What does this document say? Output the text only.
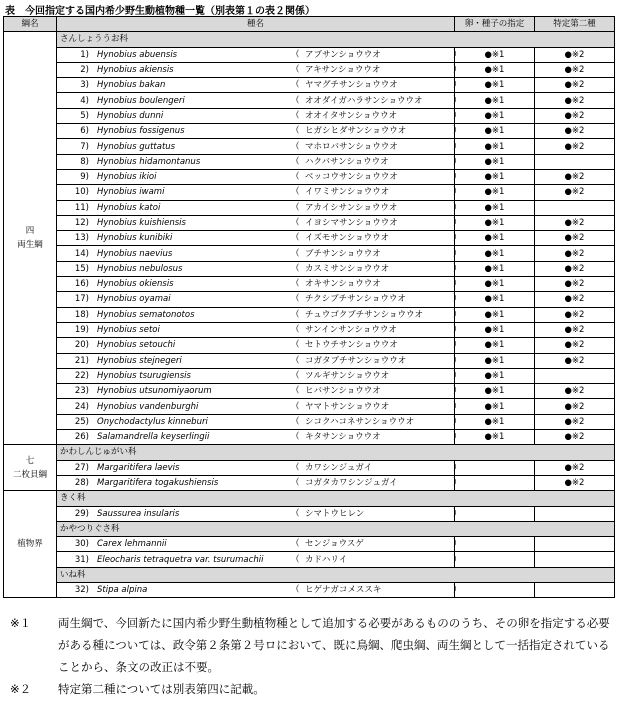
表　今回指定する国内希少野生動植物種一覧（別表第１の表２関係）
綱名	種名	卵・種子の指定	特定第二種

四
両生綱	さんしょううお科		
	1) Hynobius abuensis （ アブサンショウウオ ）	●※1	●※2
	2) Hynobius akiensis （ アキサンショウウオ ）	●※1	●※2
	3) Hynobius bakan （ ヤマグチサンショウウオ ）	●※1	●※2
	4) Hynobius boulengeri （ オオダイガハラサンショウウオ ）	●※1	●※2
	5) Hynobius dunni （ オオイタサンショウウオ ）	●※1	●※2
	6) Hynobius fossigenus （ ヒガシヒダサンショウウオ ）	●※1	●※2
	7) Hynobius guttatus （ マホロバサンショウウオ ）	●※1	●※2
	8) Hynobius hidamontanus （ ハクバサンショウウオ ）	●※1	
	9) Hynobius ikioi （ ベッコウサンショウウオ ）	●※1	●※2
	10) Hynobius iwami （ イワミサンショウウオ ）	●※1	●※2
	11) Hynobius katoi （ アカイシサンショウウオ ）	●※1	
	12) Hynobius kuishiensis （ イヨシマサンショウウオ ）	●※1	●※2
	13) Hynobius kunibiki （ イズモサンショウウオ ）	●※1	●※2
	14) Hynobius naevius （ ブチサンショウウオ ）	●※1	●※2
	15) Hynobius nebulosus （ カスミサンショウウオ ）	●※1	●※2
	16) Hynobius okiensis （ オキサンショウウオ ）	●※1	●※2
	17) Hynobius oyamai （ チクシブチサンショウウオ ）	●※1	●※2
	18) Hynobius sematonotos （ チュウゴクブチサンショウウオ ）	●※1	●※2
	19) Hynobius setoi （ サンインサンショウウオ ）	●※1	●※2
	20) Hynobius setouchi （ セトウチサンショウウオ ）	●※1	●※2
	21) Hynobius stejnegeri （ コガタブチサンショウウオ ）	●※1	●※2
	22) Hynobius tsurugiensis （ ツルギサンショウウオ ）	●※1	
	23) Hynobius utsunomiyaorum （ ヒバサンショウウオ ）	●※1	●※2
	24) Hynobius vandenburghi （ ヤマトサンショウウオ ）	●※1	●※2
	25) Onychodactylus kinneburi （ シコクハコネサンショウウオ ）	●※1	●※2
	26) Salamandrella keyserlingii （ キタサンショウウオ ）	●※1	●※2

七
二枚貝綱	かわしんじゅがい科		
	27) Margaritifera laevis （ カワシンジュガイ ）		●※2
	28) Margaritifera togakushiensis （ コガタカワシンジュガイ ）		●※2

植物界	きく科		
	29) Saussurea insularis （ シマトウヒレン ）		
	かやつりぐさ科		
	30) Carex lehmannii （ センジョウスゲ ）		
	31) Eleocharis tetraquetra var. tsurumachii （ カドハリイ ）		
	いね科		
	32) Stipa alpina （ ヒゲナガコメススキ ）		
※１	両生綱で、今回新たに国内希少野生動植物種として追加する必要があるもののうち、その卵を指定する必要がある種については、政令第２条第２号ロにおいて、既に鳥綱、爬虫綱、両生綱として一括指定されていることから、条文の改正は不要。
※２	特定第二種については別表第四に記載。
